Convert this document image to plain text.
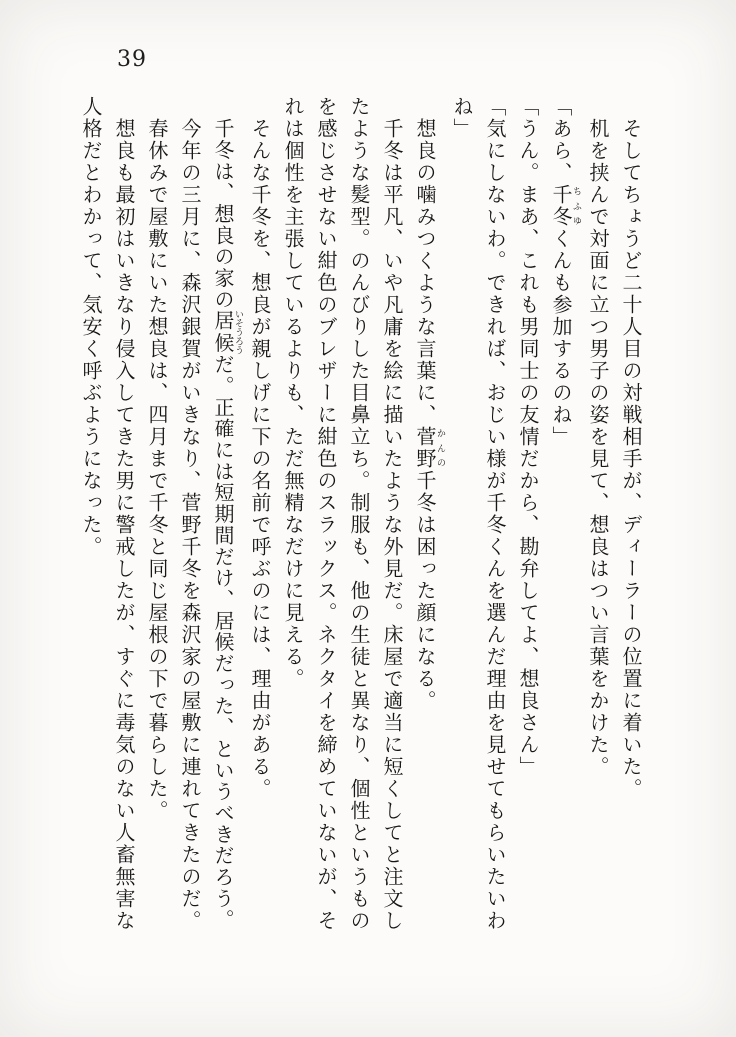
39

そしてちょうど二十人目の対戦相手が、ディーラーの位置に着いた。

机を挟んで対面に立つ男子の姿を見て、想良はつい言葉をかけた。

「あら、千冬ちふゆくんも参加するのね」

「うん。まあ、これも男同士の友情だから、勘弁してよ、想良さん」

「気にしないわ。できれば、おじい様が千冬くんを選んだ理由を見せてもらいたいわね」

想良の噛みつくような言葉に、菅野かんの千冬は困った顔になる。

千冬は平凡、いや凡庸を絵に描いたような外見だ。床屋で適当に短くしてと注文したような髪型。のんびりした目鼻立ち。制服も、他の生徒と異なり、個性というものを感じさせない紺色のブレザーに紺色のスラックス。ネクタイを締めていないが、それは個性を主張しているよりも、ただ無精なだけに見える。

そんな千冬を、想良が親しげに下の名前で呼ぶのには、理由がある。

千冬は、想良の家の居候いそうろうだ。正確には短期間だけ、居候だった、というべきだろう。

今年の三月に、森沢銀賀がいきなり、菅野千冬を森沢家の屋敷に連れてきたのだ。

春休みで屋敷にいた想良は、四月まで千冬と同じ屋根の下で暮らした。

想良も最初はいきなり侵入してきた男に警戒したが、すぐに毒気のない人畜無害な人格だとわかって、気安く呼ぶようになった。
